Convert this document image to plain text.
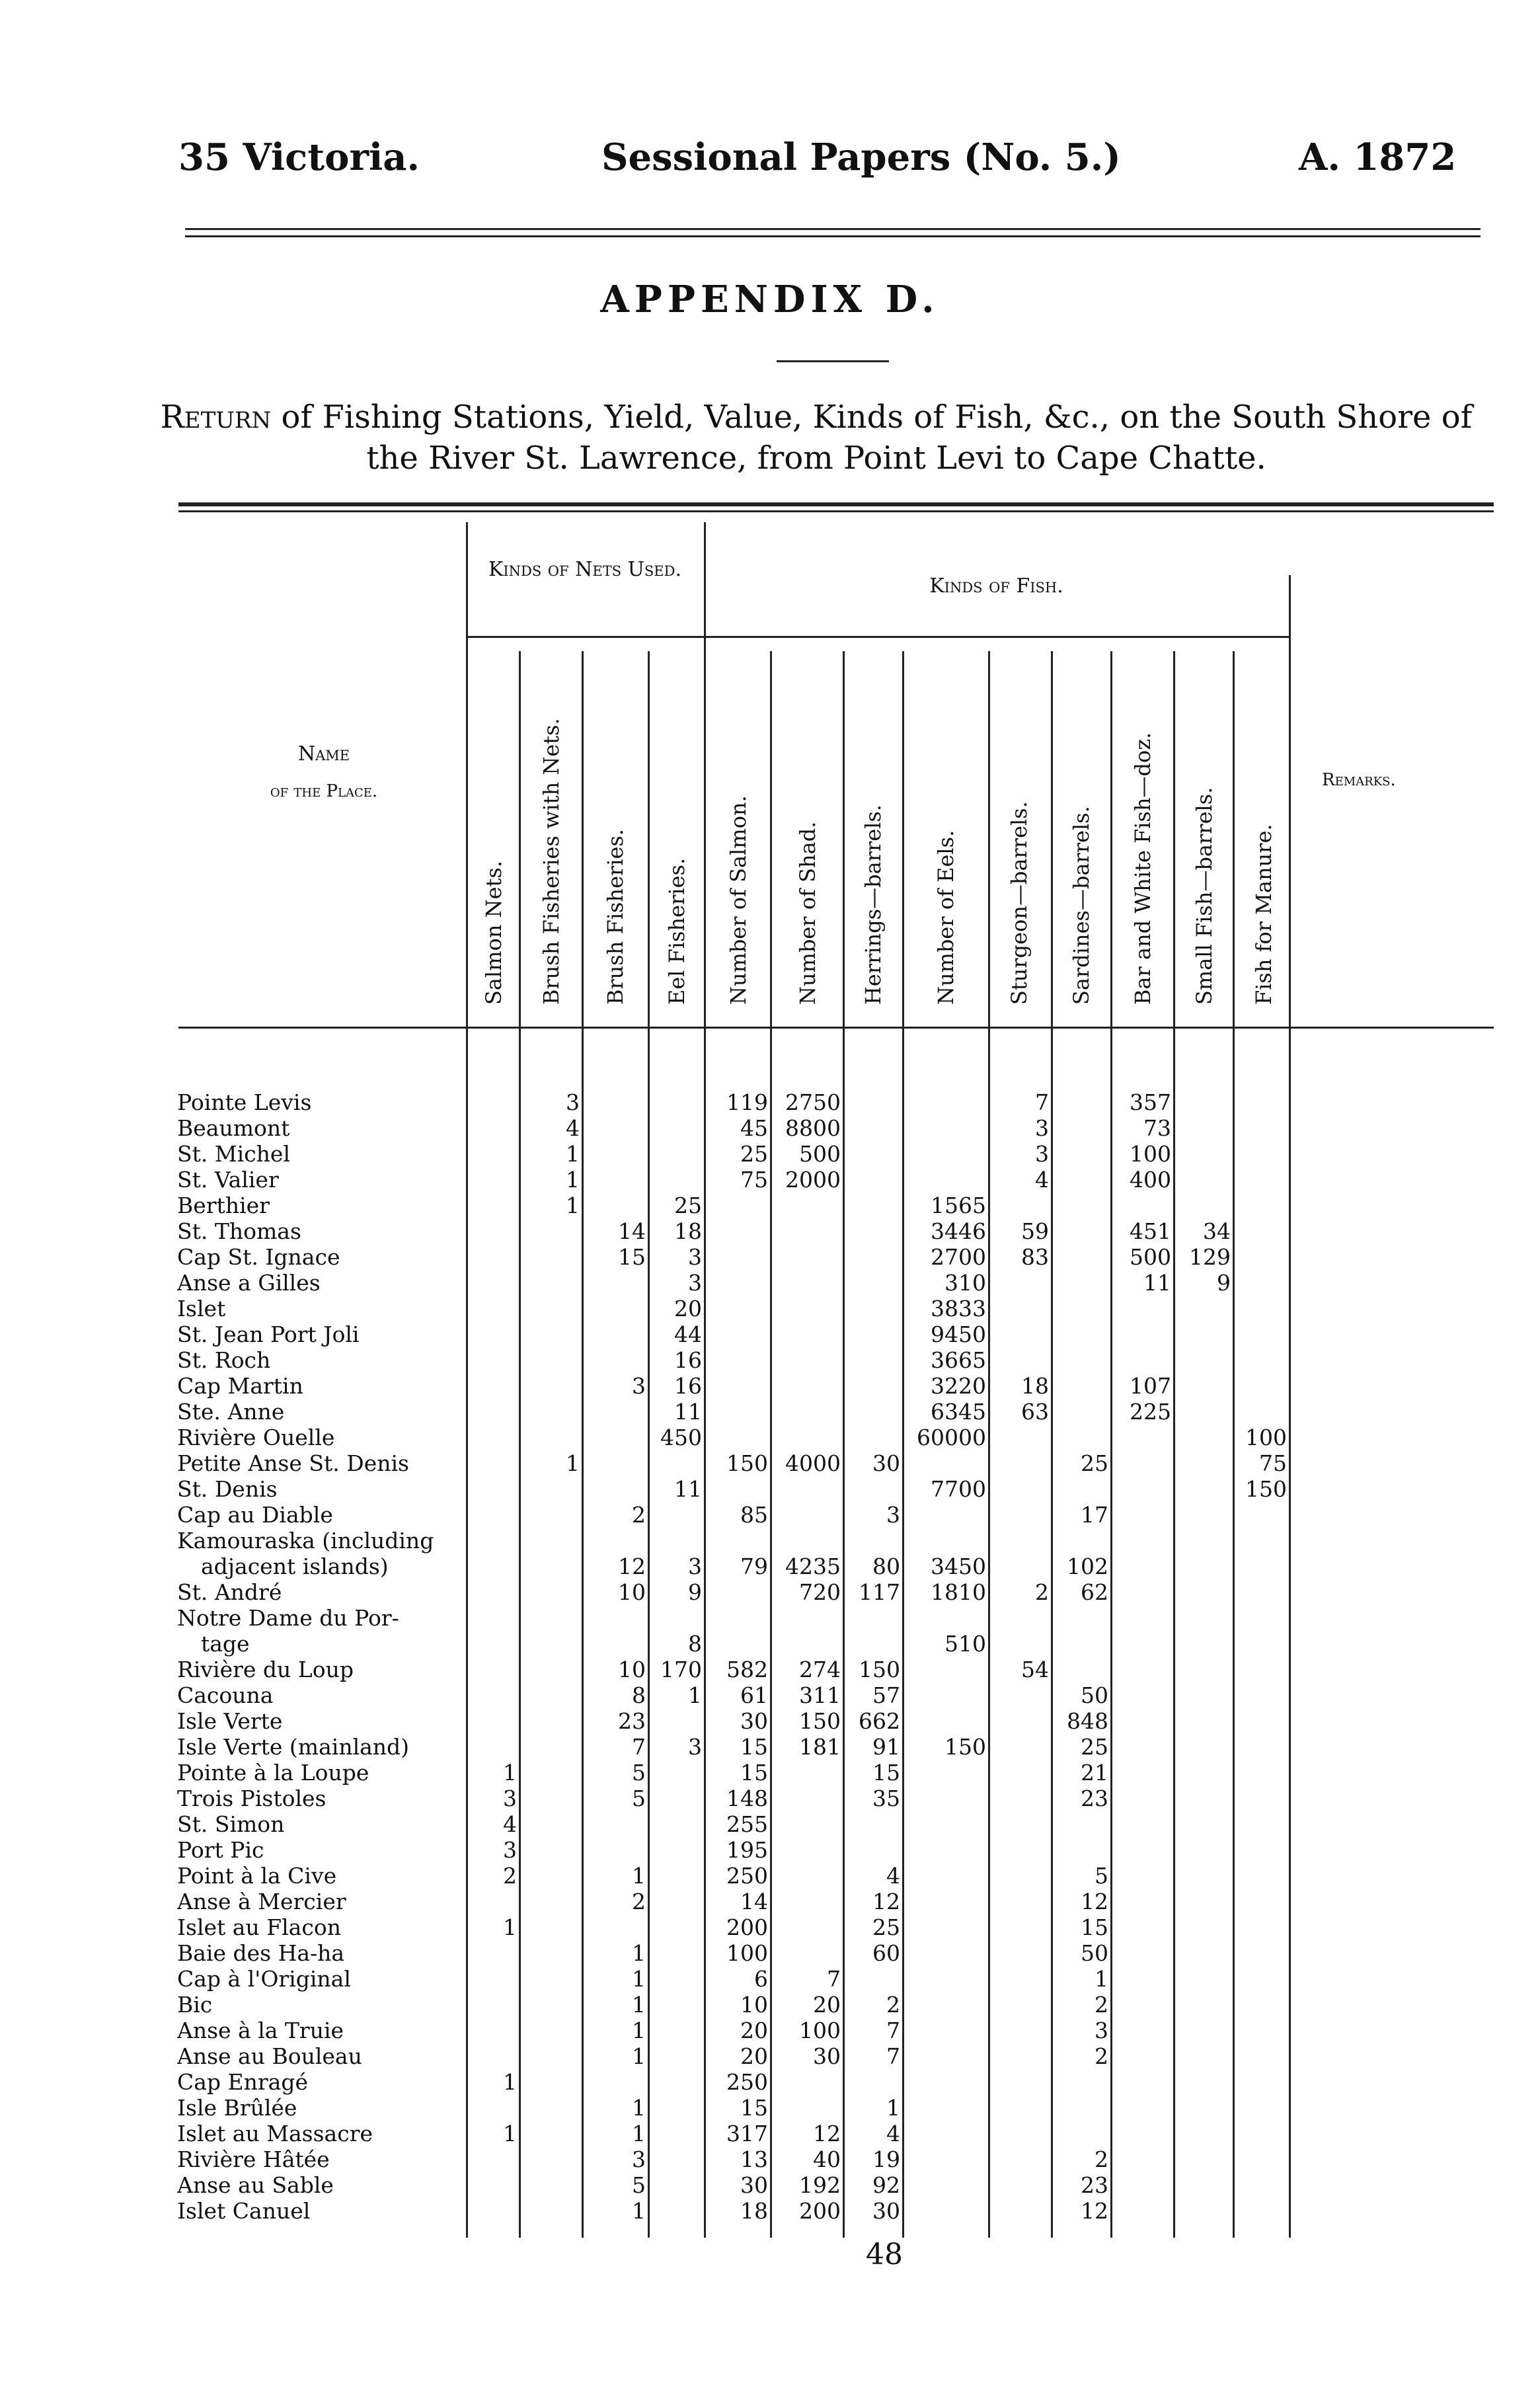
35 Victoria.	Sessional Papers (No. 5.)	A. 1872
APPENDIX D.
Return of Fishing Stations, Yield, Value, Kinds of Fish, &c., on the South Shore of the River St. Lawrence, from Point Levi to Cape Chatte.
Kinds of Nets Used.
Kinds of Fish.
Name
of the Place.
Remarks.
Salmon Nets. Brush Fisheries with Nets. Brush Fisheries. Eel Fisheries. Number of Salmon. Number of Shad. Herrings—barrels. Number of Eels. Sturgeon—barrels. Sardines—barrels. Bar and White Fish—doz. Small Fish—barrels. Fish for Manure.
Pointe Levis		3			119	2750			7		357		
Beaumont		4			45	8800			3		73		
St. Michel		1			25	500			3		100		
St. Valier		1			75	2000			4		400		
Berthier		1		25				1565					
St. Thomas			14	18				3446	59		451	34	
Cap St. Ignace			15	3				2700	83		500	129	
Anse a Gilles				3				310			11	9	
Islet				20				3833					
St. Jean Port Joli				44				9450					
St. Roch				16				3665					
Cap Martin			3	16				3220	18		107		
Ste. Anne				11				6345	63		225		
Rivière Ouelle				450				60000					100
Petite Anse St. Denis		1			150	4000	30			25			75
St. Denis				11				7700					150
Cap au Diable			2		85		3			17			
Kamouraska (including													
adjacent islands)			12	3	79	4235	80	3450		102			
St. André			10	9		720	117	1810	2	62			
Notre Dame du Por-													
tage				8				510					
Rivière du Loup			10	170	582	274	150		54				
Cacouna			8	1	61	311	57			50			
Isle Verte			23		30	150	662			848			
Isle Verte (mainland)			7	3	15	181	91	150		25			
Pointe à la Loupe	1		5		15		15			21			
Trois Pistoles	3		5		148		35			23			
St. Simon	4				255								
Port Pic	3				195								
Point à la Cive	2		1		250		4			5			
Anse à Mercier			2		14		12			12			
Islet au Flacon	1				200		25			15			
Baie des Ha-ha			1		100		60			50			
Cap à l'Original			1		6	7				1			
Bic			1		10	20	2			2			
Anse à la Truie			1		20	100	7			3			
Anse au Bouleau			1		20	30	7			2			
Cap Enragé	1				250								
Isle Brûlée			1		15		1						
Islet au Massacre	1		1		317	12	4						
Rivière Hâtée			3		13	40	19			2			
Anse au Sable			5		30	192	92			23			
Islet Canuel			1		18	200	30			12			
48
